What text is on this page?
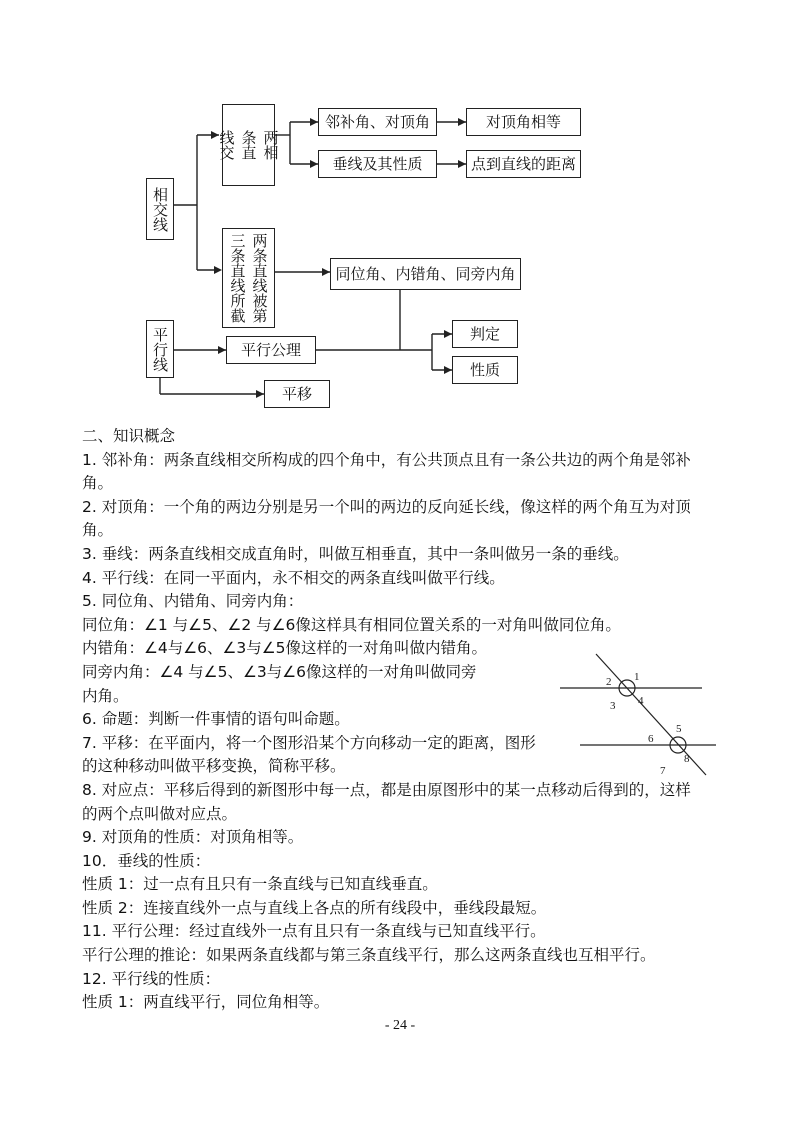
相交线
两相
条直
线交
邻补角、对顶角	对顶角相等
垂线及其性质	点到直线的距离
两条直线被第
三条直线所截	同位角、内错角、同旁内角
平行线	平行公理
判定
性质
平移

二、知识概念

1. 邻补角：两条直线相交所构成的四个角中，有公共顶点且有一条公共边的两个角是邻补

角。

2. 对顶角：一个角的两边分别是另一个叫的两边的反向延长线，像这样的两个角互为对顶

角。

3. 垂线：两条直线相交成直角时，叫做互相垂直，其中一条叫做另一条的垂线。

4. 平行线：在同一平面内，永不相交的两条直线叫做平行线。

5. 同位角、内错角、同旁内角：

同位角：∠1 与∠5、∠2 与∠6像这样具有相同位置关系的一对角叫做同位角。

内错角：∠4与∠6、∠3与∠5像这样的一对角叫做内错角。

同旁内角：∠4 与∠5、∠3与∠6像这样的一对角叫做同旁

内角。

6. 命题：判断一件事情的语句叫命题。

7. 平移：在平面内，将一个图形沿某个方向移动一定的距离，图形

的这种移动叫做平移变换，简称平移。

8. 对应点：平移后得到的新图形中每一点，都是由原图形中的某一点移动后得到的，这样

的两个点叫做对应点。

9. 对顶角的性质：对顶角相等。

10．垂线的性质：

性质 1：过一点有且只有一条直线与已知直线垂直。

性质 2：连接直线外一点与直线上各点的所有线段中，垂线段最短。

11. 平行公理：经过直线外一点有且只有一条直线与已知直线平行。

平行公理的推论：如果两条直线都与第三条直线平行，那么这两条直线也互相平行。

12. 平行线的性质：

性质 1：两直线平行，同位角相等。

1
2
3 4
5
6
7
8
- 24 -
